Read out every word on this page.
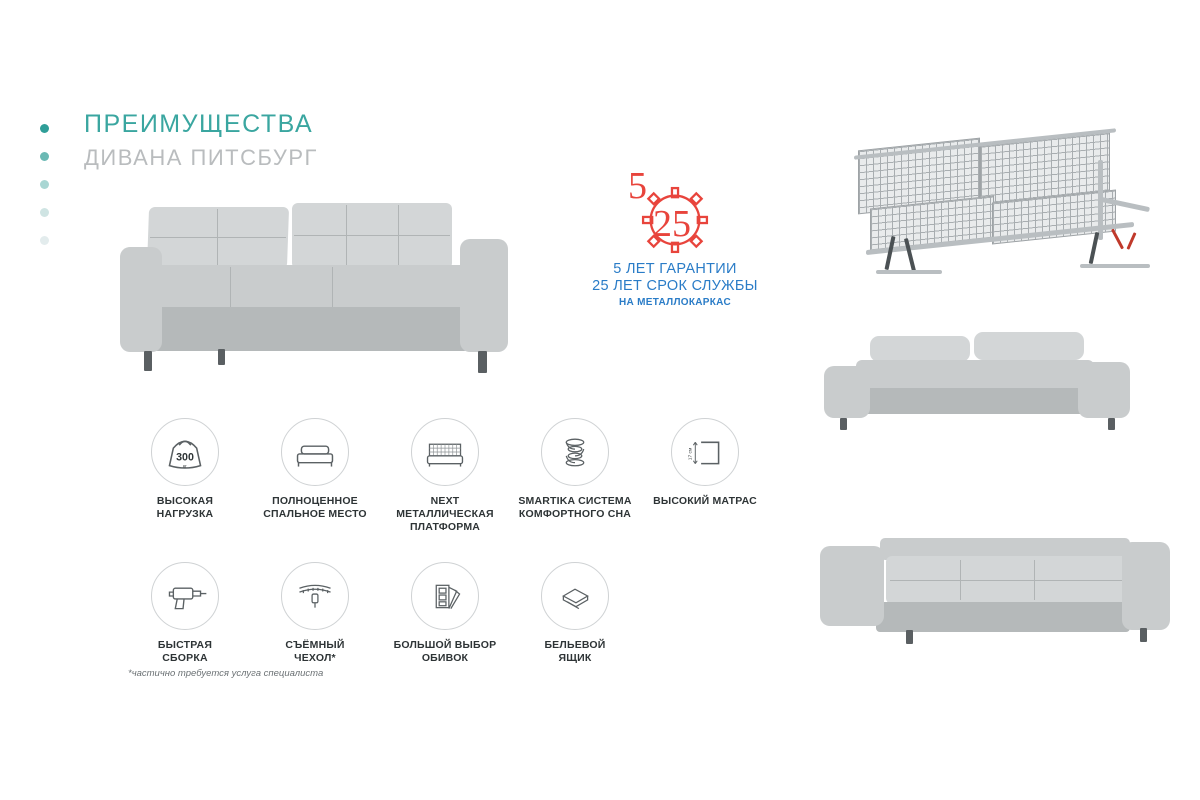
ПРЕИМУЩЕСТВА
ДИВАНА ПИТСБУРГ
5
25
5 ЛЕТ ГАРАНТИИ
25 ЛЕТ СРОК СЛУЖБЫ
НА МЕТАЛЛОКАРКАС
300
кг
ВЫСОКАЯ
НАГРУЗКА
ПОЛНОЦЕННОЕ
СПАЛЬНОЕ МЕСТО
NEXT
МЕТАЛЛИЧЕСКАЯ
ПЛАТФОРМА
SMARTIKA СИСТЕМА
КОМФОРТНОГО СНА
17 см
ВЫСОКИЙ МАТРАС
БЫСТРАЯ
СБОРКА
СЪЁМНЫЙ
ЧЕХОЛ*
БОЛЬШОЙ ВЫБОР
ОБИВОК
БЕЛЬЕВОЙ
ЯЩИК
*частично требуется услуга специалиста
